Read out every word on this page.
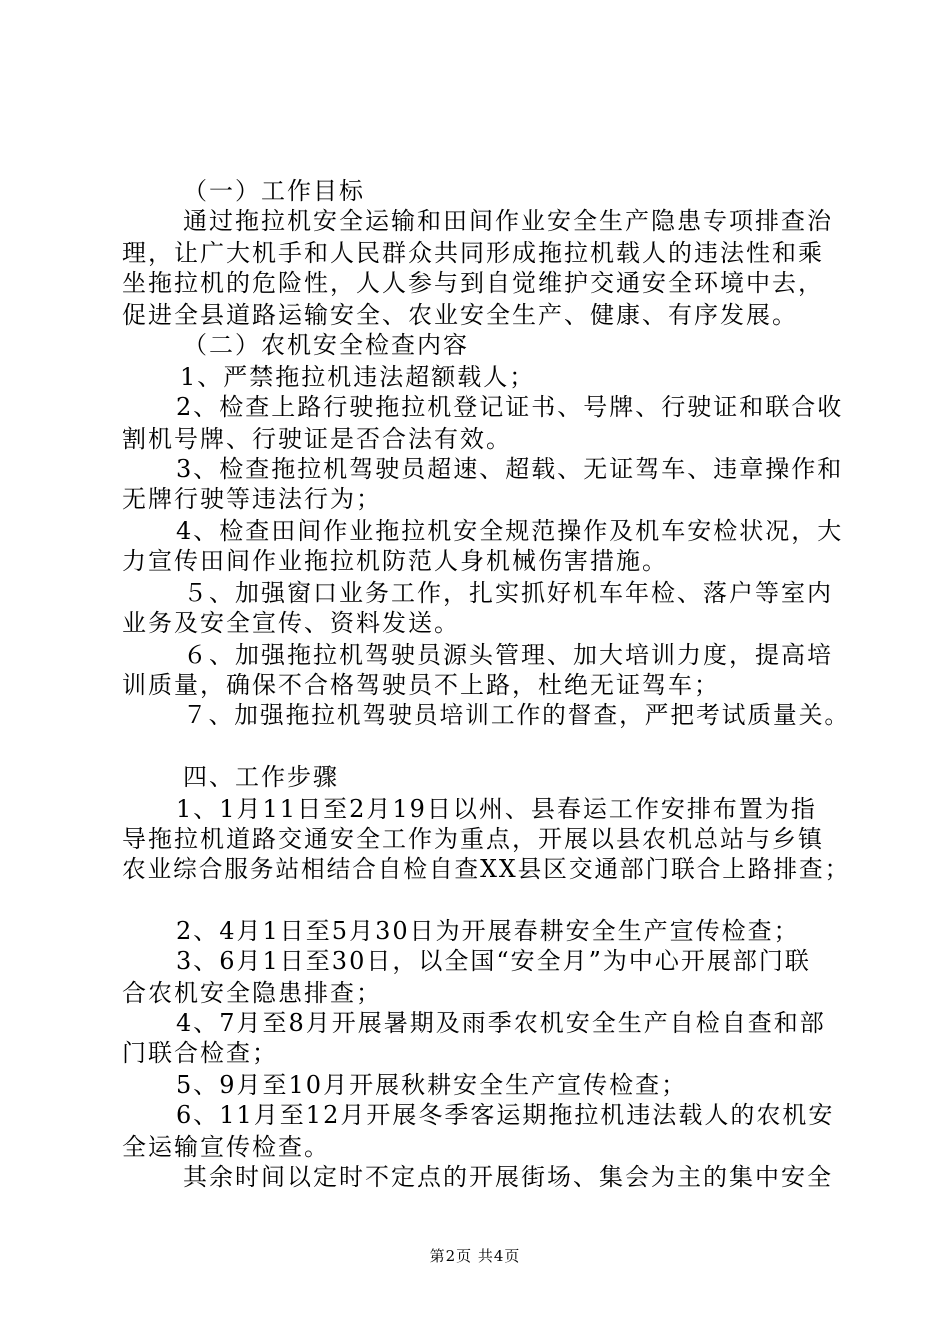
（一）工作目标
通过拖拉机安全运输和田间作业安全生产隐患专项排查治
理，让广大机手和人民群众共同形成拖拉机载人的违法性和乘
坐拖拉机的危险性，人人参与到自觉维护交通安全环境中去，
促进全县道路运输安全、农业安全生产、健康、有序发展。
（二）农机安全检查内容
1、严禁拖拉机违法超额载人；
2、检查上路行驶拖拉机登记证书、号牌、行驶证和联合收
割机号牌、行驶证是否合法有效。
3、检查拖拉机驾驶员超速、超载、无证驾车、违章操作和
无牌行驶等违法行为；
4、检查田间作业拖拉机安全规范操作及机车安检状况，大
力宣传田间作业拖拉机防范人身机械伤害措施。
５、加强窗口业务工作，扎实抓好机车年检、落户等室内
业务及安全宣传、资料发送。
６、加强拖拉机驾驶员源头管理、加大培训力度，提高培
训质量，确保不合格驾驶员不上路，杜绝无证驾车；
７、加强拖拉机驾驶员培训工作的督查，严把考试质量关。
四、工作步骤
1、1月11日至2月19日以州、县春运工作安排布置为指
导拖拉机道路交通安全工作为重点，开展以县农机总站与乡镇
农业综合服务站相结合自检自查XX县区交通部门联合上路排查；
2、4月1日至5月30日为开展春耕安全生产宣传检查；
3、6月1日至30日，以全国“安全月”为中心开展部门联
合农机安全隐患排查；
4、7月至8月开展暑期及雨季农机安全生产自检自查和部
门联合检查；
5、9月至10月开展秋耕安全生产宣传检查；
6、11月至12月开展冬季客运期拖拉机违法载人的农机安
全运输宣传检查。
其余时间以定时不定点的开展街场、集会为主的集中安全
第2页 共4页
